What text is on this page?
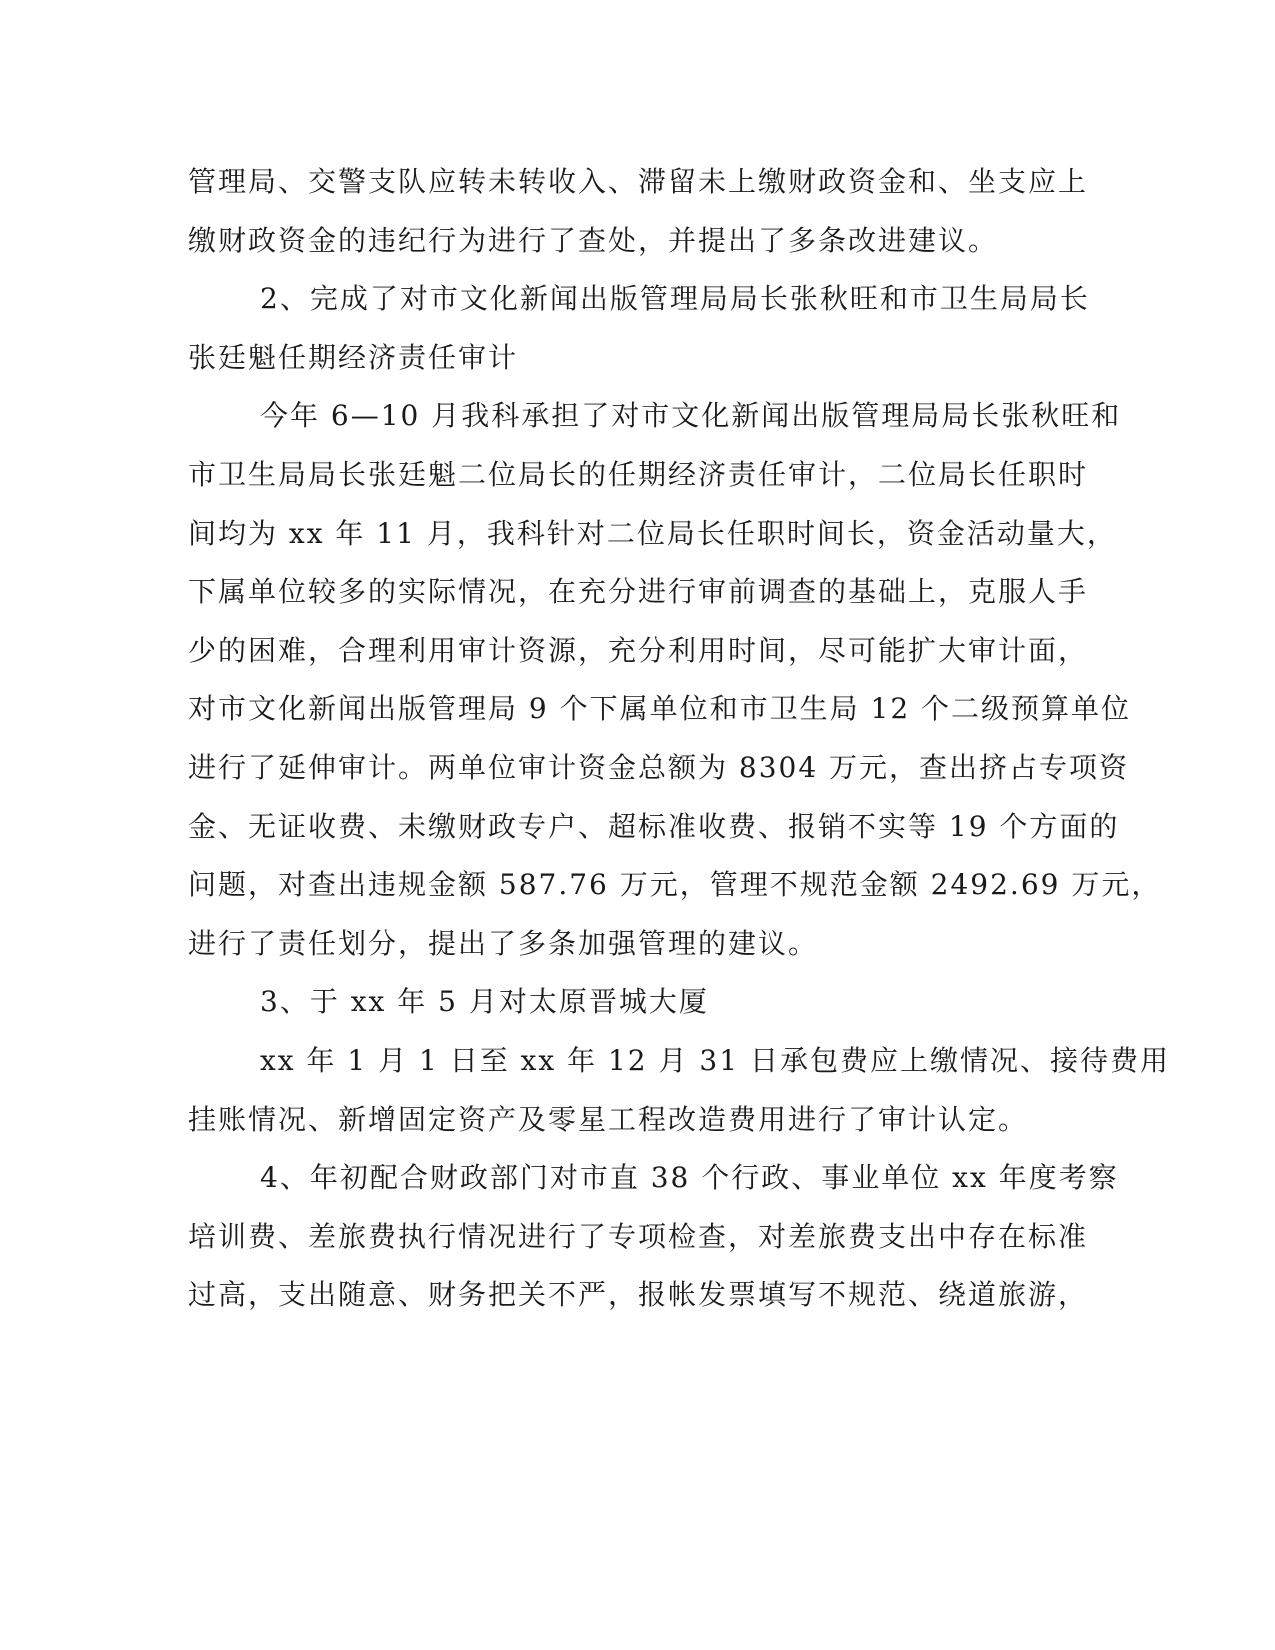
管理局、交警支队应转未转收入、滞留未上缴财政资金和、坐支应上
缴财政资金的违纪行为进行了查处，并提出了多条改进建议。
2、完成了对市文化新闻出版管理局局长张秋旺和市卫生局局长
张廷魁任期经济责任审计
今年 6—10 月我科承担了对市文化新闻出版管理局局长张秋旺和
市卫生局局长张廷魁二位局长的任期经济责任审计，二位局长任职时
间均为 xx 年 11 月，我科针对二位局长任职时间长，资金活动量大，
下属单位较多的实际情况，在充分进行审前调查的基础上，克服人手
少的困难，合理利用审计资源，充分利用时间，尽可能扩大审计面，
对市文化新闻出版管理局 9 个下属单位和市卫生局 12 个二级预算单位
进行了延伸审计。两单位审计资金总额为 8304 万元，查出挤占专项资
金、无证收费、未缴财政专户、超标准收费、报销不实等 19 个方面的
问题，对查出违规金额 587.76 万元，管理不规范金额 2492.69 万元，
进行了责任划分，提出了多条加强管理的建议。
3、于 xx 年 5 月对太原晋城大厦
xx 年 1 月 1 日至 xx 年 12 月 31 日承包费应上缴情况、接待费用
挂账情况、新增固定资产及零星工程改造费用进行了审计认定。
4、年初配合财政部门对市直 38 个行政、事业单位 xx 年度考察
培训费、差旅费执行情况进行了专项检查，对差旅费支出中存在标准
过高，支出随意、财务把关不严，报帐发票填写不规范、绕道旅游，
